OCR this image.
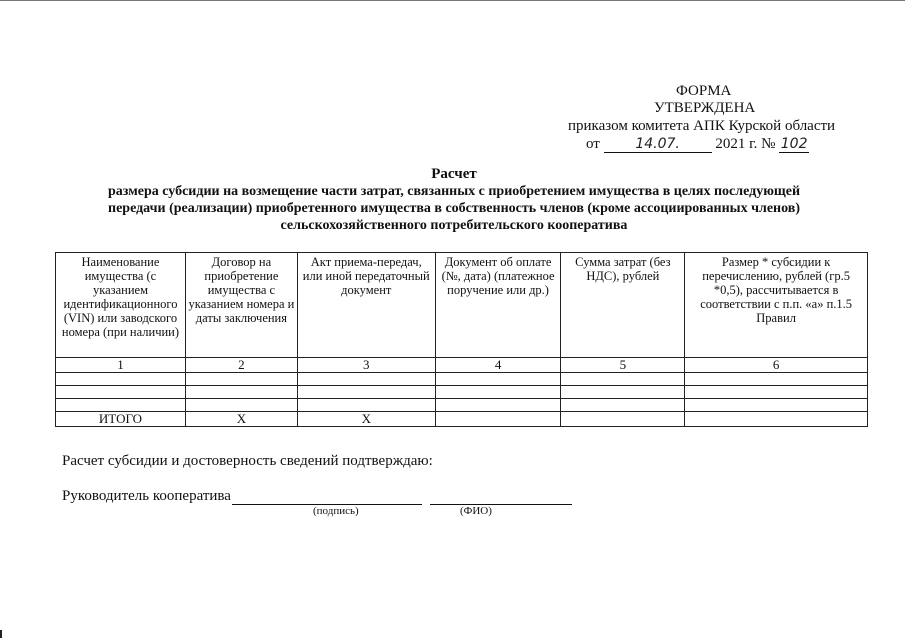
ФОРМА
УТВЕРЖДЕНА
приказом комитета АПК Курской области
от	14.07. 2021 г. № 102
Расчет
размера субсидии на возмещение части затрат, связанных с приобретением имущества в целях последующей
передачи (реализации) приобретенного имущества в собственность членов (кроме ассоциированных членов)
сельскохозяйственного потребительского кооператива
Наименование имущества (с указанием идентификационного (VIN) или заводского номера (при наличии)	Договор на приобретение имущества с указанием номера и даты заключения	Акт приема-передач, или иной передаточный документ	Документ об оплате (№, дата) (платежное поручение или др.)	Сумма затрат (без НДС), рублей	Размер * субсидии к перечислению, рублей (гр.5 *0,5), рассчитывается в соответствии с п.п. «а» п.1.5 Правил
1	2	3	4	5	6

ИТОГО	X	X			
Расчет субсидии и достоверность сведений подтверждаю:
Руководитель кооператива
(подпись)	(ФИО)
